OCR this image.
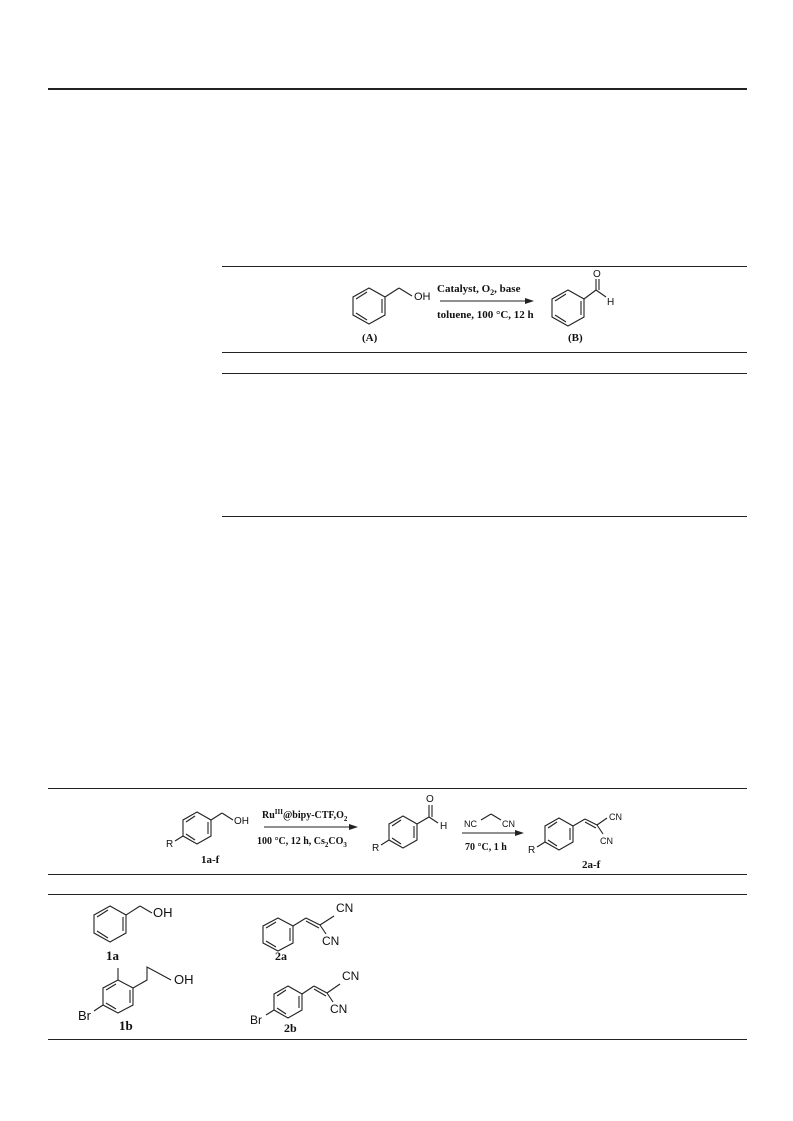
OH
(A)
Catalyst, $O_2$, base
toluene, 100 °C, 12 h
O
H
(B)
OH
R
1a-f
$Ru^{III}@bipy-CTF,O_2$
100 °C, 12 h, $Cs_2CO_3$
O
H
R
NC	CN
70 °C, 1 h
CN
CN
R
2a-f
OH
1a
CN
CN
2a
OH
Br
1b
CN
CN
Br
2b
